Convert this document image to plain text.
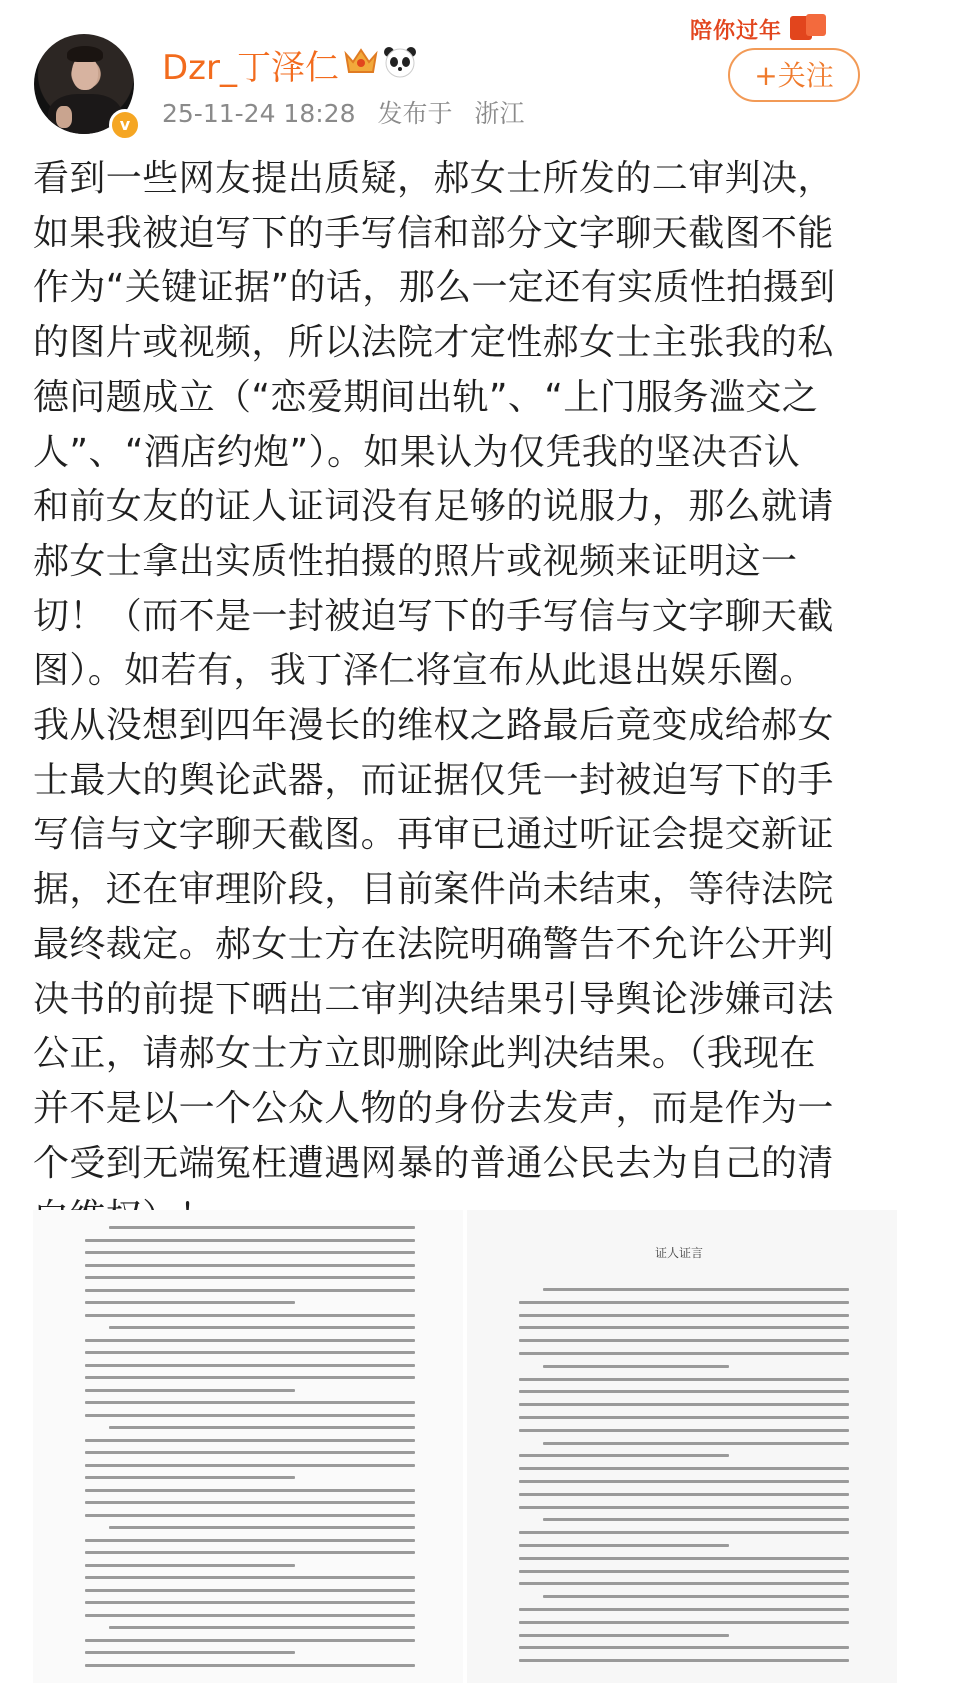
v
Dzr_丁泽仁
25-11-24 18:28 发布于 浙江
陪你过年
+关注
看到一些网友提出质疑，郝女士所发的二审判决，
如果我被迫写下的手写信和部分文字聊天截图不能
作为“关键证据”的话，那么一定还有实质性拍摄到
的图片或视频，所以法院才定性郝女士主张我的私
德问题成立（“恋爱期间出轨”、“上门服务滥交之
人”、“酒店约炮”）。如果认为仅凭我的坚决否认
和前女友的证人证词没有足够的说服力，那么就请
郝女士拿出实质性拍摄的照片或视频来证明这一
切！（而不是一封被迫写下的手写信与文字聊天截
图）。如若有，我丁泽仁将宣布从此退出娱乐圈。
我从没想到四年漫长的维权之路最后竟变成给郝女
士最大的舆论武器，而证据仅凭一封被迫写下的手
写信与文字聊天截图。再审已通过听证会提交新证
据，还在审理阶段，目前案件尚未结束，等待法院
最终裁定。郝女士方在法院明确警告不允许公开判
决书的前提下晒出二审判决结果引导舆论涉嫌司法
公正，请郝女士方立即删除此判决结果。（我现在
并不是以一个公众人物的身份去发声，而是作为一
个受到无端冤枉遭遇网暴的普通公民去为自己的清
证人证言
